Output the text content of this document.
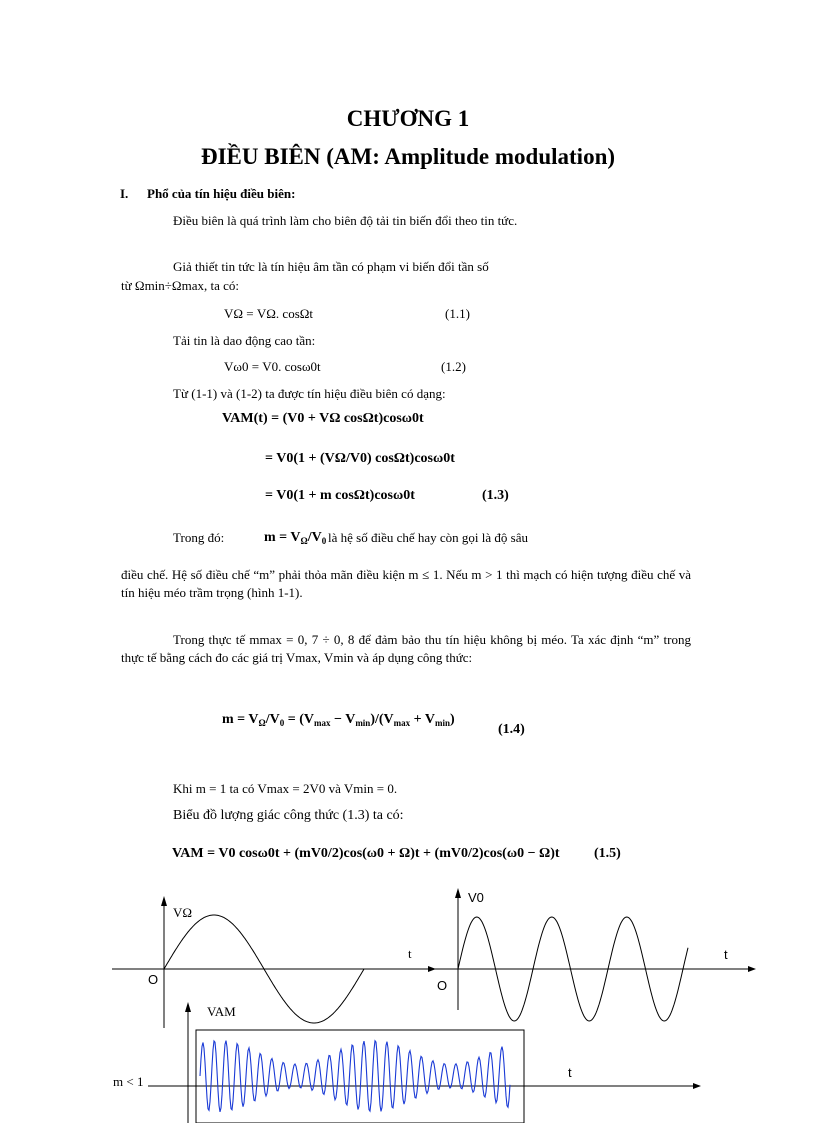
CHƯƠNG 1
ĐIỀU BIÊN (AM: Amplitude modulation)
I. Phổ của tín hiệu điều biên:
Điều biên là quá trình làm cho biên độ tải tin biến đổi theo tin tức.
Giả thiết tin tức là tín hiệu âm tần có phạm vi biến đổi tần số
từ Ωmin÷Ωmax, ta có:
VΩ = VΩ. cosΩt	(1.1)
Tải tin là dao động cao tần:
Vω0 = V0. cosω0t	(1.2)
Từ (1-1) và (1-2) ta được tín hiệu điều biên có dạng:
VAM(t) = (V0 + VΩ cosΩt)cosω0t
= V0(1 + (VΩ/V0) cosΩt)cosω0t
= V0(1 + m cosΩt)cosω0t	(1.3)
Trong đó:	$m = V_\Omega/V_0$ là hệ số điều chế hay còn gọi là độ sâu
điều chế. Hệ số điều chế “m” phải thỏa mãn điều kiện m ≤ 1. Nếu m > 1 thì mạch có hiện tượng điều chế và tín hiệu méo trầm trọng (hình 1-1).
Trong thực tế mmax = 0, 7 ÷ 0, 8 để đảm bảo thu tín hiệu không bị méo. Ta xác định “m” trong thực tế bằng cách đo các giá trị Vmax, Vmin và áp dụng công thức:
$m = V_\Omega/V_0 = (V_{max} - V_{min})/(V_{max} + V_{min})$
(1.4)
Khi m = 1 ta có Vmax = 2V0 và Vmin = 0.
Biểu đồ lượng giác công thức (1.3) ta có:
VAM = V0 cosω0t + (mV0/2)cos(ω0 + Ω)t + (mV0/2)cos(ω0 − Ω)t	(1.5)
VΩ
t
O
V0
t
O
VAM
t
m < 1
